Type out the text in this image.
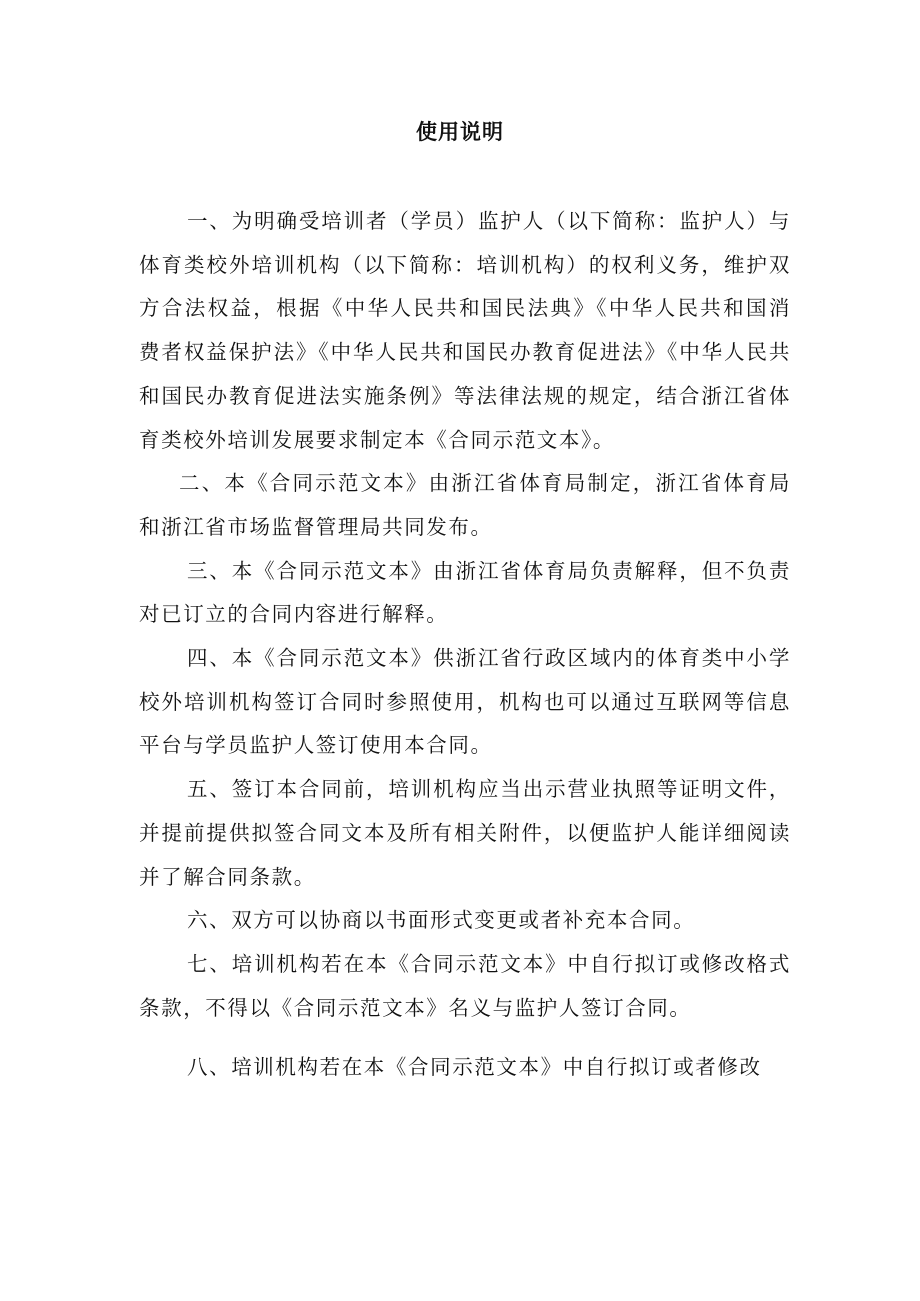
使用说明

一、为明确受培训者（学员）监护人（以下简称：监护人）与体育类校外培训机构（以下简称：培训机构）的权利义务，维护双方合法权益，根据《中华人民共和国民法典》《中华人民共和国消费者权益保护法》《中华人民共和国民办教育促进法》《中华人民共和国民办教育促进法实施条例》等法律法规的规定，结合浙江省体育类校外培训发展要求制定本《合同示范文本》。

二、本《合同示范文本》由浙江省体育局制定，浙江省体育局和浙江省市场监督管理局共同发布。

三、本《合同示范文本》由浙江省体育局负责解释，但不负责对已订立的合同内容进行解释。

四、本《合同示范文本》供浙江省行政区域内的体育类中小学校外培训机构签订合同时参照使用，机构也可以通过互联网等信息平台与学员监护人签订使用本合同。

五、签订本合同前，培训机构应当出示营业执照等证明文件，并提前提供拟签合同文本及所有相关附件，以便监护人能详细阅读并了解合同条款。

六、双方可以协商以书面形式变更或者补充本合同。

七、培训机构若在本《合同示范文本》中自行拟订或修改格式条款，不得以《合同示范文本》名义与监护人签订合同。

八、培训机构若在本《合同示范文本》中自行拟订或者修改
